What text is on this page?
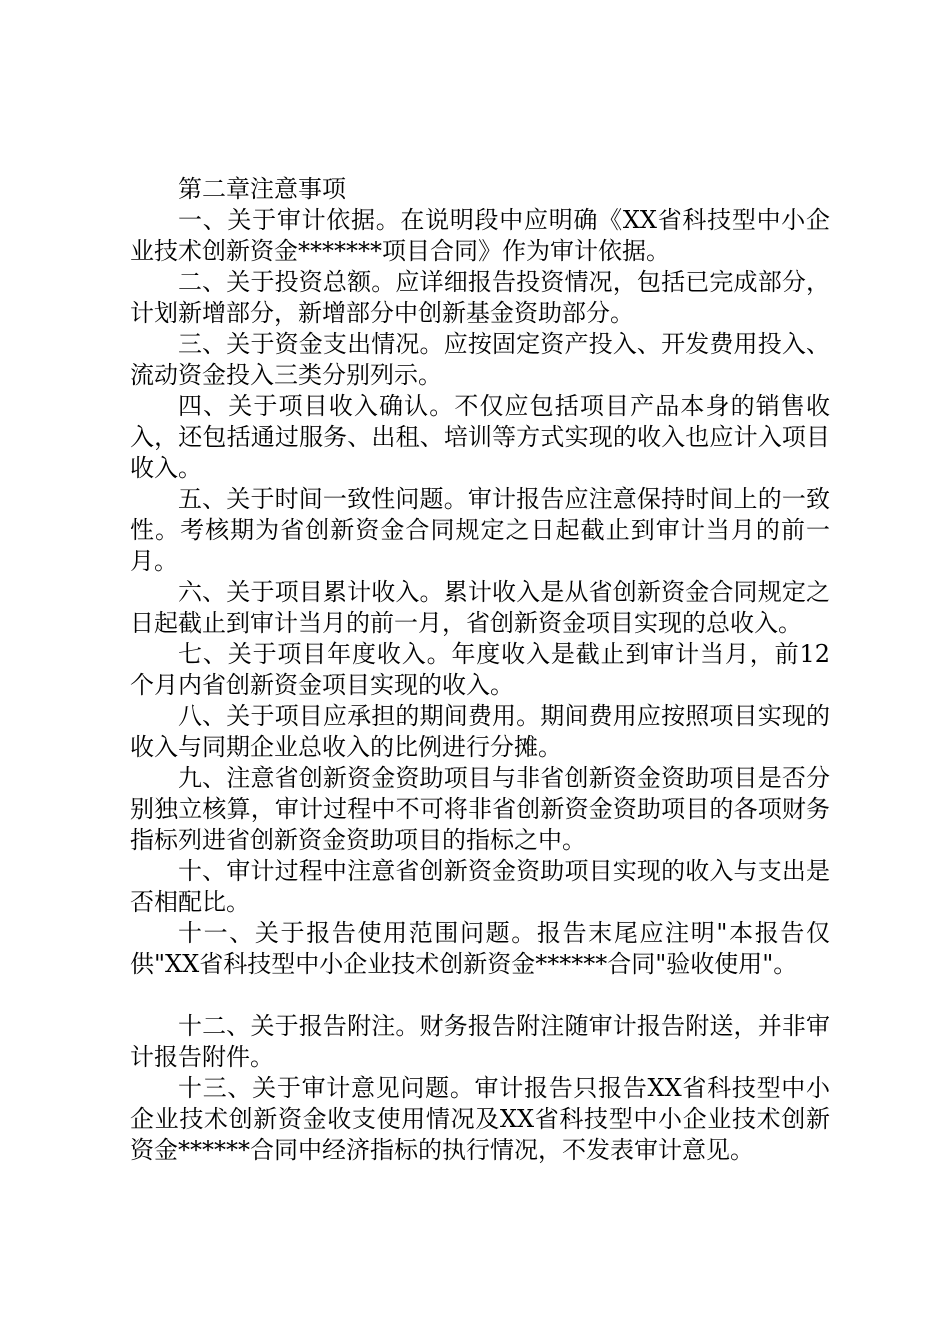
第二章注意事项

一、关于审计依据。在说明段中应明确《XX省科技型中小企业技术创新资金*******项目合同》作为审计依据。

二、关于投资总额。应详细报告投资情况，包括已完成部分，计划新增部分，新增部分中创新基金资助部分。

三、关于资金支出情况。应按固定资产投入、开发费用投入、流动资金投入三类分别列示。

四、关于项目收入确认。不仅应包括项目产品本身的销售收入，还包括通过服务、出租、培训等方式实现的收入也应计入项目收入。

五、关于时间一致性问题。审计报告应注意保持时间上的一致性。考核期为省创新资金合同规定之日起截止到审计当月的前一月。

六、关于项目累计收入。累计收入是从省创新资金合同规定之日起截止到审计当月的前一月，省创新资金项目实现的总收入。

七、关于项目年度收入。年度收入是截止到审计当月，前12个月内省创新资金项目实现的收入。

八、关于项目应承担的期间费用。期间费用应按照项目实现的收入与同期企业总收入的比例进行分摊。

九、注意省创新资金资助项目与非省创新资金资助项目是否分别独立核算，审计过程中不可将非省创新资金资助项目的各项财务指标列进省创新资金资助项目的指标之中。

十、审计过程中注意省创新资金资助项目实现的收入与支出是否相配比。

十一、关于报告使用范围问题。报告末尾应注明"本报告仅供"XX省科技型中小企业技术创新资金******合同"验收使用"。

十二、关于报告附注。财务报告附注随审计报告附送，并非审计报告附件。

十三、关于审计意见问题。审计报告只报告XX省科技型中小企业技术创新资金收支使用情况及XX省科技型中小企业技术创新资金******合同中经济指标的执行情况，不发表审计意见。
